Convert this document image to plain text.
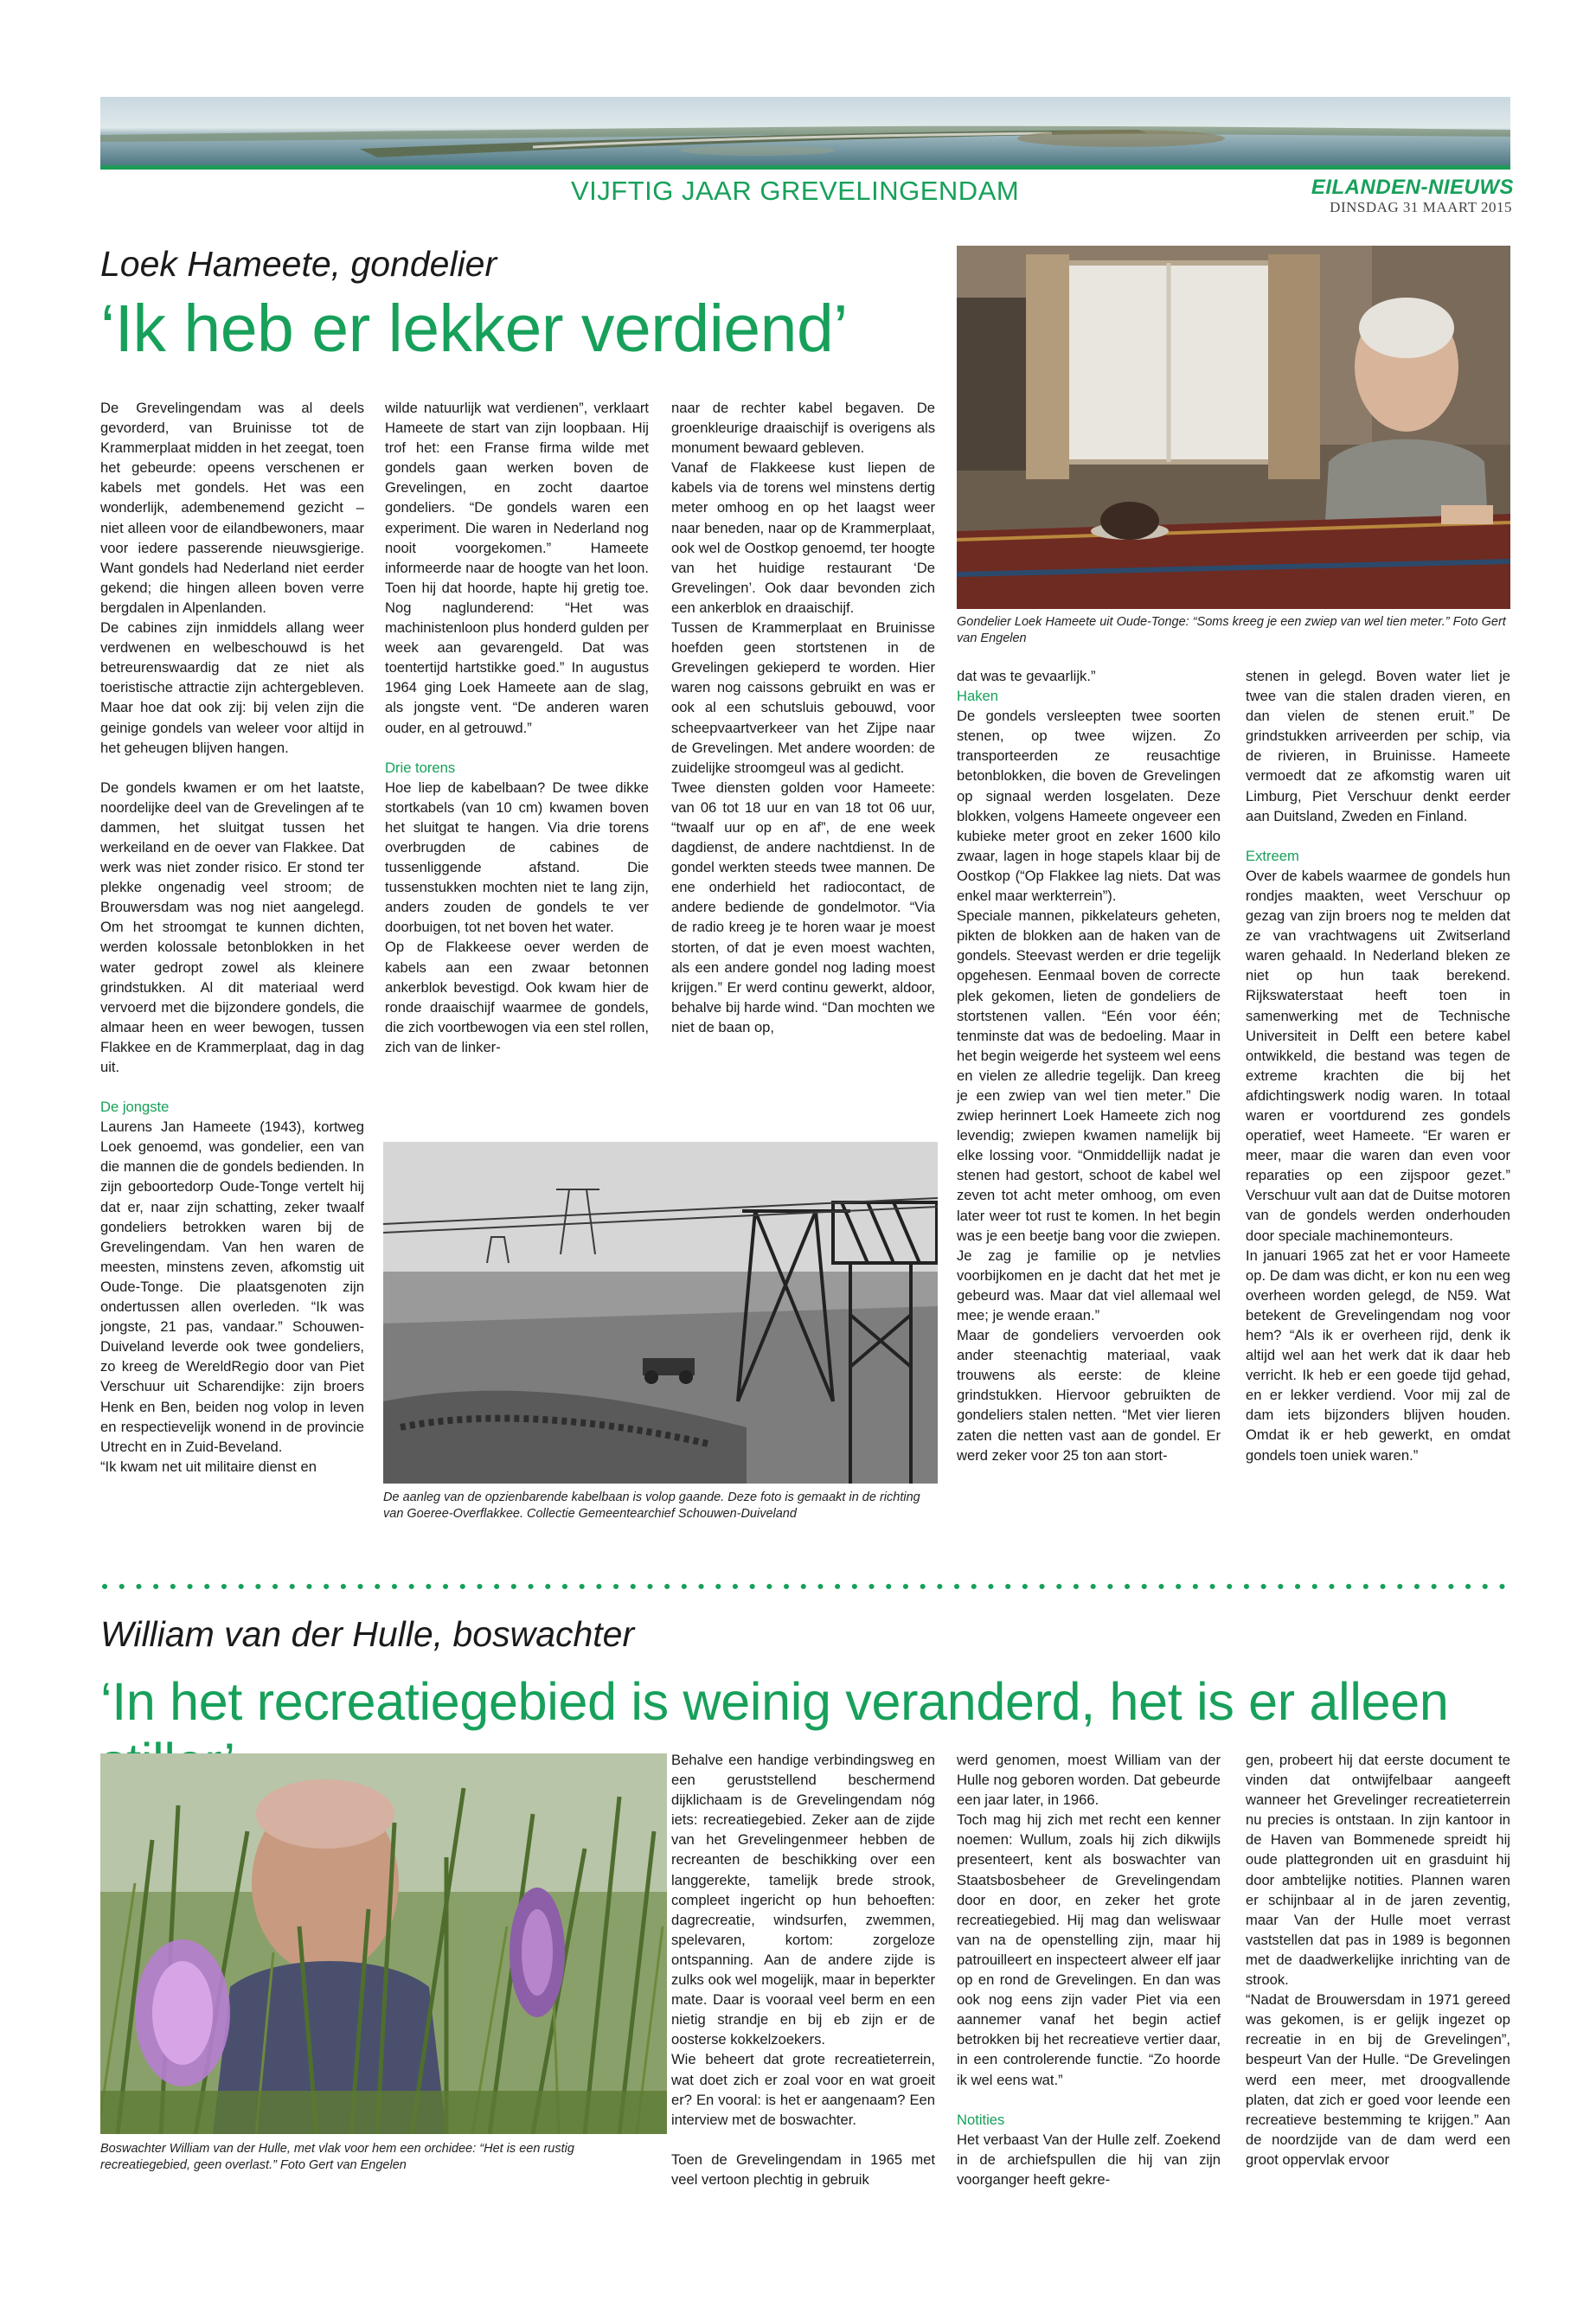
VIJFTIG JAAR GREVELINGENDAM	EILANDEN-NIEUWS
DINSDAG 31 MAART 2015
Loek Hameete, gondelier
‘Ik heb er lekker verdiend’
Gondelier Loek Hameete uit Oude-Tonge: “Soms kreeg je een zwiep van wel tien meter.” Foto Gert van Engelen

De Grevelingendam was al deels gevorderd, van Bruinisse tot de Krammerplaat midden in het zeegat, toen het gebeurde: opeens verschenen er kabels met gondels. Het was een wonderlijk, adembenemend gezicht – niet alleen voor de eilandbewoners, maar voor iedere passerende nieuwsgierige. Want gondels had Nederland niet eerder gekend; die hingen alleen boven verre bergdalen in Alpenlanden.

De cabines zijn inmiddels allang weer verdwenen en welbeschouwd is het betreurenswaardig dat ze niet als toeristische attractie zijn achtergebleven. Maar hoe dat ook zij: bij velen zijn die geinige gondels van weleer voor altijd in het geheugen blijven hangen.

De gondels kwamen er om het laatste, noordelijke deel van de Grevelingen af te dammen, het sluitgat tussen het werkeiland en de oever van Flakkee. Dat werk was niet zonder risico. Er stond ter plekke ongenadig veel stroom; de Brouwersdam was nog niet aangelegd. Om het stroomgat te kunnen dichten, werden kolossale betonblokken in het water gedropt zowel als kleinere grindstukken. Al dit materiaal werd vervoerd met die bijzondere gondels, die almaar heen en weer bewogen, tussen Flakkee en de Krammerplaat, dag in dag uit.

De jongste

Laurens Jan Hameete (1943), kortweg Loek genoemd, was gondelier, een van die mannen die de gondels bedienden. In zijn geboortedorp Oude-Tonge vertelt hij dat er, naar zijn schatting, zeker twaalf gondeliers betrokken waren bij de Grevelingendam. Van hen waren de meesten, minstens zeven, afkomstig uit Oude-Tonge. Die plaatsgenoten zijn ondertussen allen overleden. “Ik was jongste, 21 pas, vandaar.” Schouwen-Duiveland leverde ook twee gondeliers, zo kreeg de WereldRegio door van Piet Verschuur uit Scharendijke: zijn broers Henk en Ben, beiden nog volop in leven en respectievelijk wonend in de provincie Utrecht en in Zuid-Beveland.

“Ik kwam net uit militaire dienst en

wilde natuurlijk wat verdienen”, verklaart Hameete de start van zijn loopbaan. Hij trof het: een Franse firma wilde met gondels gaan werken boven de Grevelingen, en zocht daartoe gondeliers. “De gondels waren een experiment. Die waren in Nederland nog nooit voorgekomen.” Hameete informeerde naar de hoogte van het loon. Toen hij dat hoorde, hapte hij gretig toe. Nog naglunderend: “Het was machinistenloon plus honderd gulden per week aan gevarengeld. Dat was toentertijd hartstikke goed.” In augustus 1964 ging Loek Hameete aan de slag, als jongste vent. “De anderen waren ouder, en al getrouwd.”

Drie torens

Hoe liep de kabelbaan? De twee dikke stortkabels (van 10 cm) kwamen boven het sluitgat te hangen. Via drie torens overbrugden de cabines de tussenliggende afstand. Die tussenstukken mochten niet te lang zijn, anders zouden de gondels te ver doorbuigen, tot net boven het water.

Op de Flakkeese oever werden de kabels aan een zwaar betonnen ankerblok bevestigd. Ook kwam hier de ronde draaischijf waarmee de gondels, die zich voortbewogen via een stel rollen, zich van de linker-

naar de rechter kabel begaven. De groenkleurige draaischijf is overigens als monument bewaard gebleven.

Vanaf de Flakkeese kust liepen de kabels via de torens wel minstens dertig meter omhoog en op het laagst weer naar beneden, naar op de Krammerplaat, ook wel de Oostkop genoemd, ter hoogte van het huidige restaurant ‘De Grevelingen’. Ook daar bevonden zich een ankerblok en draaischijf.

Tussen de Krammerplaat en Bruinisse hoefden geen stortstenen in de Grevelingen gekieperd te worden. Hier waren nog caissons gebruikt en was er ook al een schutsluis gebouwd, voor scheepvaartverkeer van het Zijpe naar de Grevelingen. Met andere woorden: de zuidelijke stroomgeul was al gedicht.

Twee diensten golden voor Hameete: van 06 tot 18 uur en van 18 tot 06 uur, “twaalf uur op en af”, de ene week dagdienst, de andere nachtdienst. In de gondel werkten steeds twee mannen. De ene onderhield het radiocontact, de andere bediende de gondelmotor. “Via de radio kreeg je te horen waar je moest storten, of dat je even moest wachten, als een andere gondel nog lading moest krijgen.” Er werd continu gewerkt, aldoor, behalve bij harde wind. “Dan mochten we niet de baan op,

De aanleg van de opzienbarende kabelbaan is volop gaande. Deze foto is gemaakt in de richting van Goeree-Overflakkee. Collectie Gemeentearchief Schouwen-Duiveland

dat was te gevaarlijk.”

Haken

De gondels versleepten twee soorten stenen, op twee wijzen. Zo transporteerden ze reusachtige betonblokken, die boven de Grevelingen op signaal werden losgelaten. Deze blokken, volgens Hameete ongeveer een kubieke meter groot en zeker 1600 kilo zwaar, lagen in hoge stapels klaar bij de Oostkop (“Op Flakkee lag niets. Dat was enkel maar werkterrein”).

Speciale mannen, pikkelateurs geheten, pikten de blokken aan de haken van de gondels. Steevast werden er drie tegelijk opgehesen. Eenmaal boven de correcte plek gekomen, lieten de gondeliers de stortstenen vallen. “Eén voor één; tenminste dat was de bedoeling. Maar in het begin weigerde het systeem wel eens en vielen ze alledrie tegelijk. Dan kreeg je een zwiep van wel tien meter.” Die zwiep herinnert Loek Hameete zich nog levendig; zwiepen kwamen namelijk bij elke lossing voor. “Onmiddellijk nadat je stenen had gestort, schoot de kabel wel zeven tot acht meter omhoog, om even later weer tot rust te komen. In het begin was je een beetje bang voor die zwiepen. Je zag je familie op je netvlies voorbijkomen en je dacht dat het met je gebeurd was. Maar dat viel allemaal wel mee; je wende eraan.”

Maar de gondeliers vervoerden ook ander steenachtig materiaal, vaak trouwens als eerste: de kleine grindstukken. Hiervoor gebruikten de gondeliers stalen netten. “Met vier lieren zaten die netten vast aan de gondel. Er werd zeker voor 25 ton aan stort-

stenen in gelegd. Boven water liet je twee van die stalen draden vieren, en dan vielen de stenen eruit.” De grindstukken arriveerden per schip, via de rivieren, in Bruinisse. Hameete vermoedt dat ze afkomstig waren uit Limburg, Piet Verschuur denkt eerder aan Duitsland, Zweden en Finland.

Extreem

Over de kabels waarmee de gondels hun rondjes maakten, weet Verschuur op gezag van zijn broers nog te melden dat ze van vrachtwagens uit Zwitserland waren gehaald. In Nederland bleken ze niet op hun taak berekend. Rijkswaterstaat heeft toen in samenwerking met de Technische Universiteit in Delft een betere kabel ontwikkeld, die bestand was tegen de extreme krachten die bij het afdichtingswerk nodig waren. In totaal waren er voortdurend zes gondels operatief, weet Hameete. “Er waren er meer, maar die waren dan even voor reparaties op een zijspoor gezet.” Verschuur vult aan dat de Duitse motoren van de gondels werden onderhouden door speciale machinemonteurs.

In januari 1965 zat het er voor Hameete op. De dam was dicht, er kon nu een weg overheen worden gelegd, de N59. Wat betekent de Grevelingendam nog voor hem? “Als ik er overheen rijd, denk ik altijd wel aan het werk dat ik daar heb verricht. Ik heb er een goede tijd gehad, en er lekker verdiend. Voor mij zal de dam iets bijzonders blijven houden. Omdat ik er heb gewerkt, en omdat gondels toen uniek waren.”

William van der Hulle, boswachter
‘In het recreatiegebied is weinig veranderd, het is er alleen
Boswachter William van der Hulle, met vlak voor hem een orchidee: “Het is een rustig recreatiegebied, geen overlast.” Foto Gert van Engelen

Behalve een handige verbindingsweg en een geruststellend beschermend dijklichaam is de Grevelingendam nóg iets: recreatiegebied. Zeker aan de zijde van het Grevelingenmeer hebben de recreanten de beschikking over een langgerekte, tamelijk brede strook, compleet ingericht op hun behoeften: dagrecreatie, windsurfen, zwemmen, spelevaren, kortom: zorgeloze ontspanning. Aan de andere zijde is zulks ook wel mogelijk, maar in beperkter mate. Daar is vooraal veel berm en een nietig strandje en bij eb zijn er de oosterse kokkelzoekers.

Wie beheert dat grote recreatieterrein, wat doet zich er zoal voor en wat groeit er? En vooral: is het er aangenaam? Een interview met de boswachter.

Toen de Grevelingendam in 1965 met veel vertoon plechtig in gebruik

werd genomen, moest William van der Hulle nog geboren worden. Dat gebeurde een jaar later, in 1966.

Toch mag hij zich met recht een kenner noemen: Wullum, zoals hij zich dikwijls presenteert, kent als boswachter van Staatsbosbeheer de Grevelingendam door en door, en zeker het grote recreatiegebied. Hij mag dan weliswaar van na de openstelling zijn, maar hij patrouilleert en inspecteert alweer elf jaar op en rond de Grevelingen. En dan was ook nog eens zijn vader Piet via een aannemer vanaf het begin actief betrokken bij het recreatieve vertier daar, in een controlerende functie. “Zo hoorde ik wel eens wat.”

Notities

Het verbaast Van der Hulle zelf. Zoekend in de archiefspullen die hij van zijn voorganger heeft gekre-

gen, probeert hij dat eerste document te vinden dat ontwijfelbaar aangeeft wanneer het Grevelinger recreatieterrein nu precies is ontstaan. In zijn kantoor in de Haven van Bommenede spreidt hij oude plattegronden uit en grasduint hij door ambtelijke notities. Plannen waren er schijnbaar al in de jaren zeventig, maar Van der Hulle moet verrast vaststellen dat pas in 1989 is begonnen met de daadwerkelijke inrichting van de strook.

“Nadat de Brouwersdam in 1971 gereed was gekomen, is er gelijk ingezet op recreatie in en bij de Grevelingen”, bespeurt Van der Hulle. “De Grevelingen werd een meer, met droogvallende platen, dat zich er goed voor leende een recreatieve bestemming te krijgen.” Aan de noordzijde van de dam werd een groot oppervlak ervoor
